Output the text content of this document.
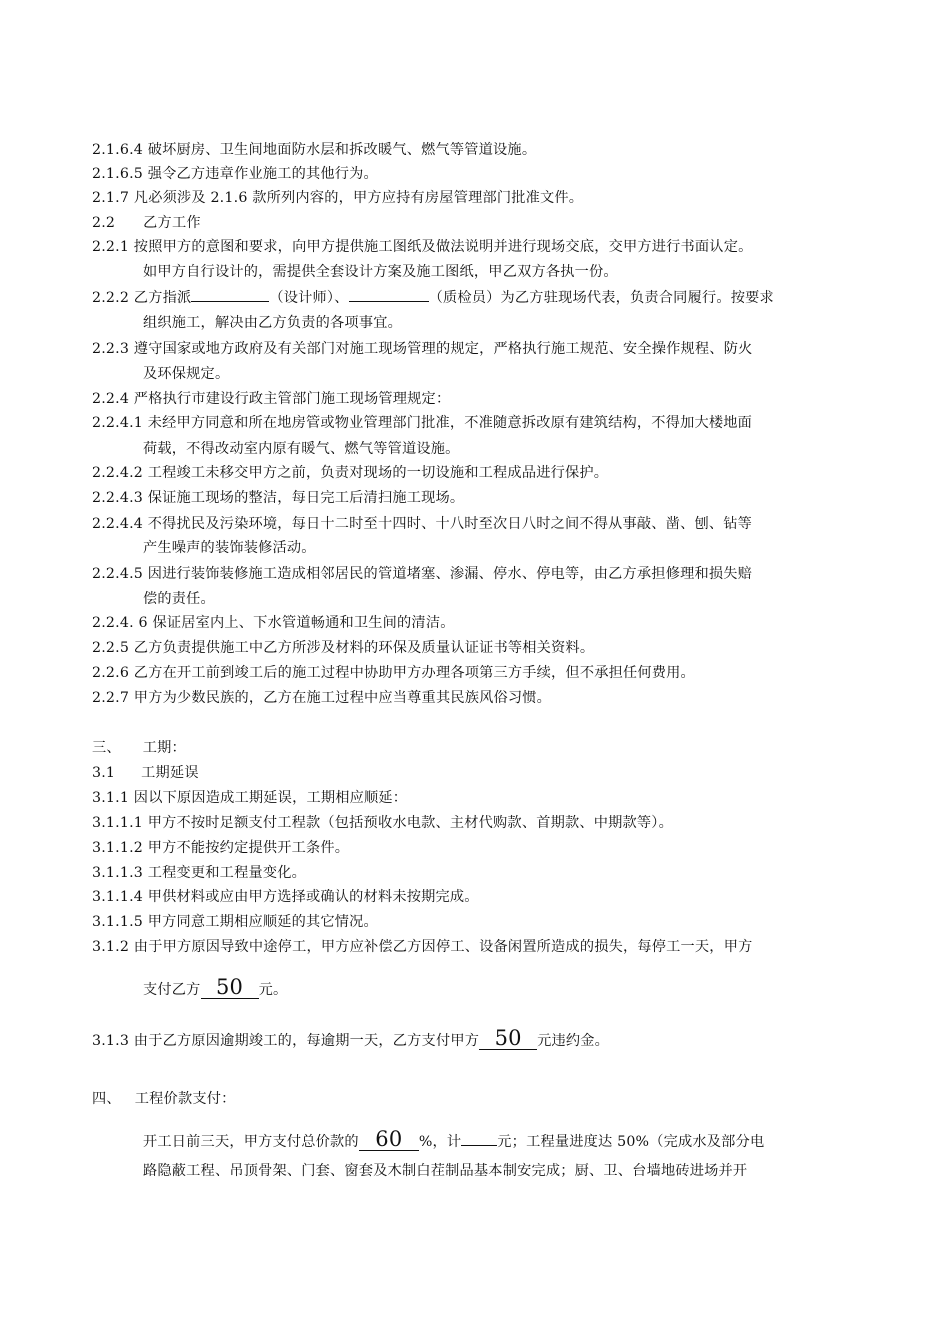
2.1.6.4 破坏厨房、卫生间地面防水层和拆改暖气、燃气等管道设施。
2.1.6.5 强令乙方违章作业施工的其他行为。
2.1.7 凡必须涉及 2.1.6 款所列内容的，甲方应持有房屋管理部门批准文件。
2.2 乙方工作
2.2.1 按照甲方的意图和要求，向甲方提供施工图纸及做法说明并进行现场交底，交甲方进行书面认定。
如甲方自行设计的，需提供全套设计方案及施工图纸，甲乙双方各执一份。
2.2.2 乙方指派	（设计师）、	（质检员）为乙方驻现场代表，负责合同履行。按要求
组织施工，解决由乙方负责的各项事宜。
2.2.3 遵守国家或地方政府及有关部门对施工现场管理的规定，严格执行施工规范、安全操作规程、防火
及环保规定。
2.2.4 严格执行市建设行政主管部门施工现场管理规定：
2.2.4.1 未经甲方同意和所在地房管或物业管理部门批准，不准随意拆改原有建筑结构，不得加大楼地面
荷载，不得改动室内原有暖气、燃气等管道设施。
2.2.4.2 工程竣工未移交甲方之前，负责对现场的一切设施和工程成品进行保护。
2.2.4.3 保证施工现场的整洁，每日完工后清扫施工现场。
2.2.4.4 不得扰民及污染环境，每日十二时至十四时、十八时至次日八时之间不得从事敲、凿、刨、钻等
产生噪声的装饰装修活动。
2.2.4.5 因进行装饰装修施工造成相邻居民的管道堵塞、渗漏、停水、停电等，由乙方承担修理和损失赔
偿的责任。
2.2.4. 6 保证居室内上、下水管道畅通和卫生间的清洁。
2.2.5 乙方负责提供施工中乙方所涉及材料的环保及质量认证证书等相关资料。
2.2.6 乙方在开工前到竣工后的施工过程中协助甲方办理各项第三方手续，但不承担任何费用。
2.2.7 甲方为少数民族的，乙方在施工过程中应当尊重其民族风俗习惯。
三、 工期：
3.1 工期延误
3.1.1 因以下原因造成工期延误，工期相应顺延：
3.1.1.1 甲方不按时足额支付工程款（包括预收水电款、主材代购款、首期款、中期款等）。
3.1.1.2 甲方不能按约定提供开工条件。
3.1.1.3 工程变更和工程量变化。
3.1.1.4 甲供材料或应由甲方选择或确认的材料未按期完成。
3.1.1.5 甲方同意工期相应顺延的其它情况。
3.1.2 由于甲方原因导致中途停工，甲方应补偿乙方因停工、设备闲置所造成的损失，每停工一天，甲方
支付乙方 50 元。
3.1.3 由于乙方原因逾期竣工的，每逾期一天，乙方支付甲方 50 元违约金。
四、 工程价款支付：
开工日前三天，甲方支付总价款的 60 %，计	元；工程量进度达 50%（完成水及部分电
路隐蔽工程、吊顶骨架、门套、窗套及木制白茬制品基本制安完成；厨、卫、台墙地砖进场并开
